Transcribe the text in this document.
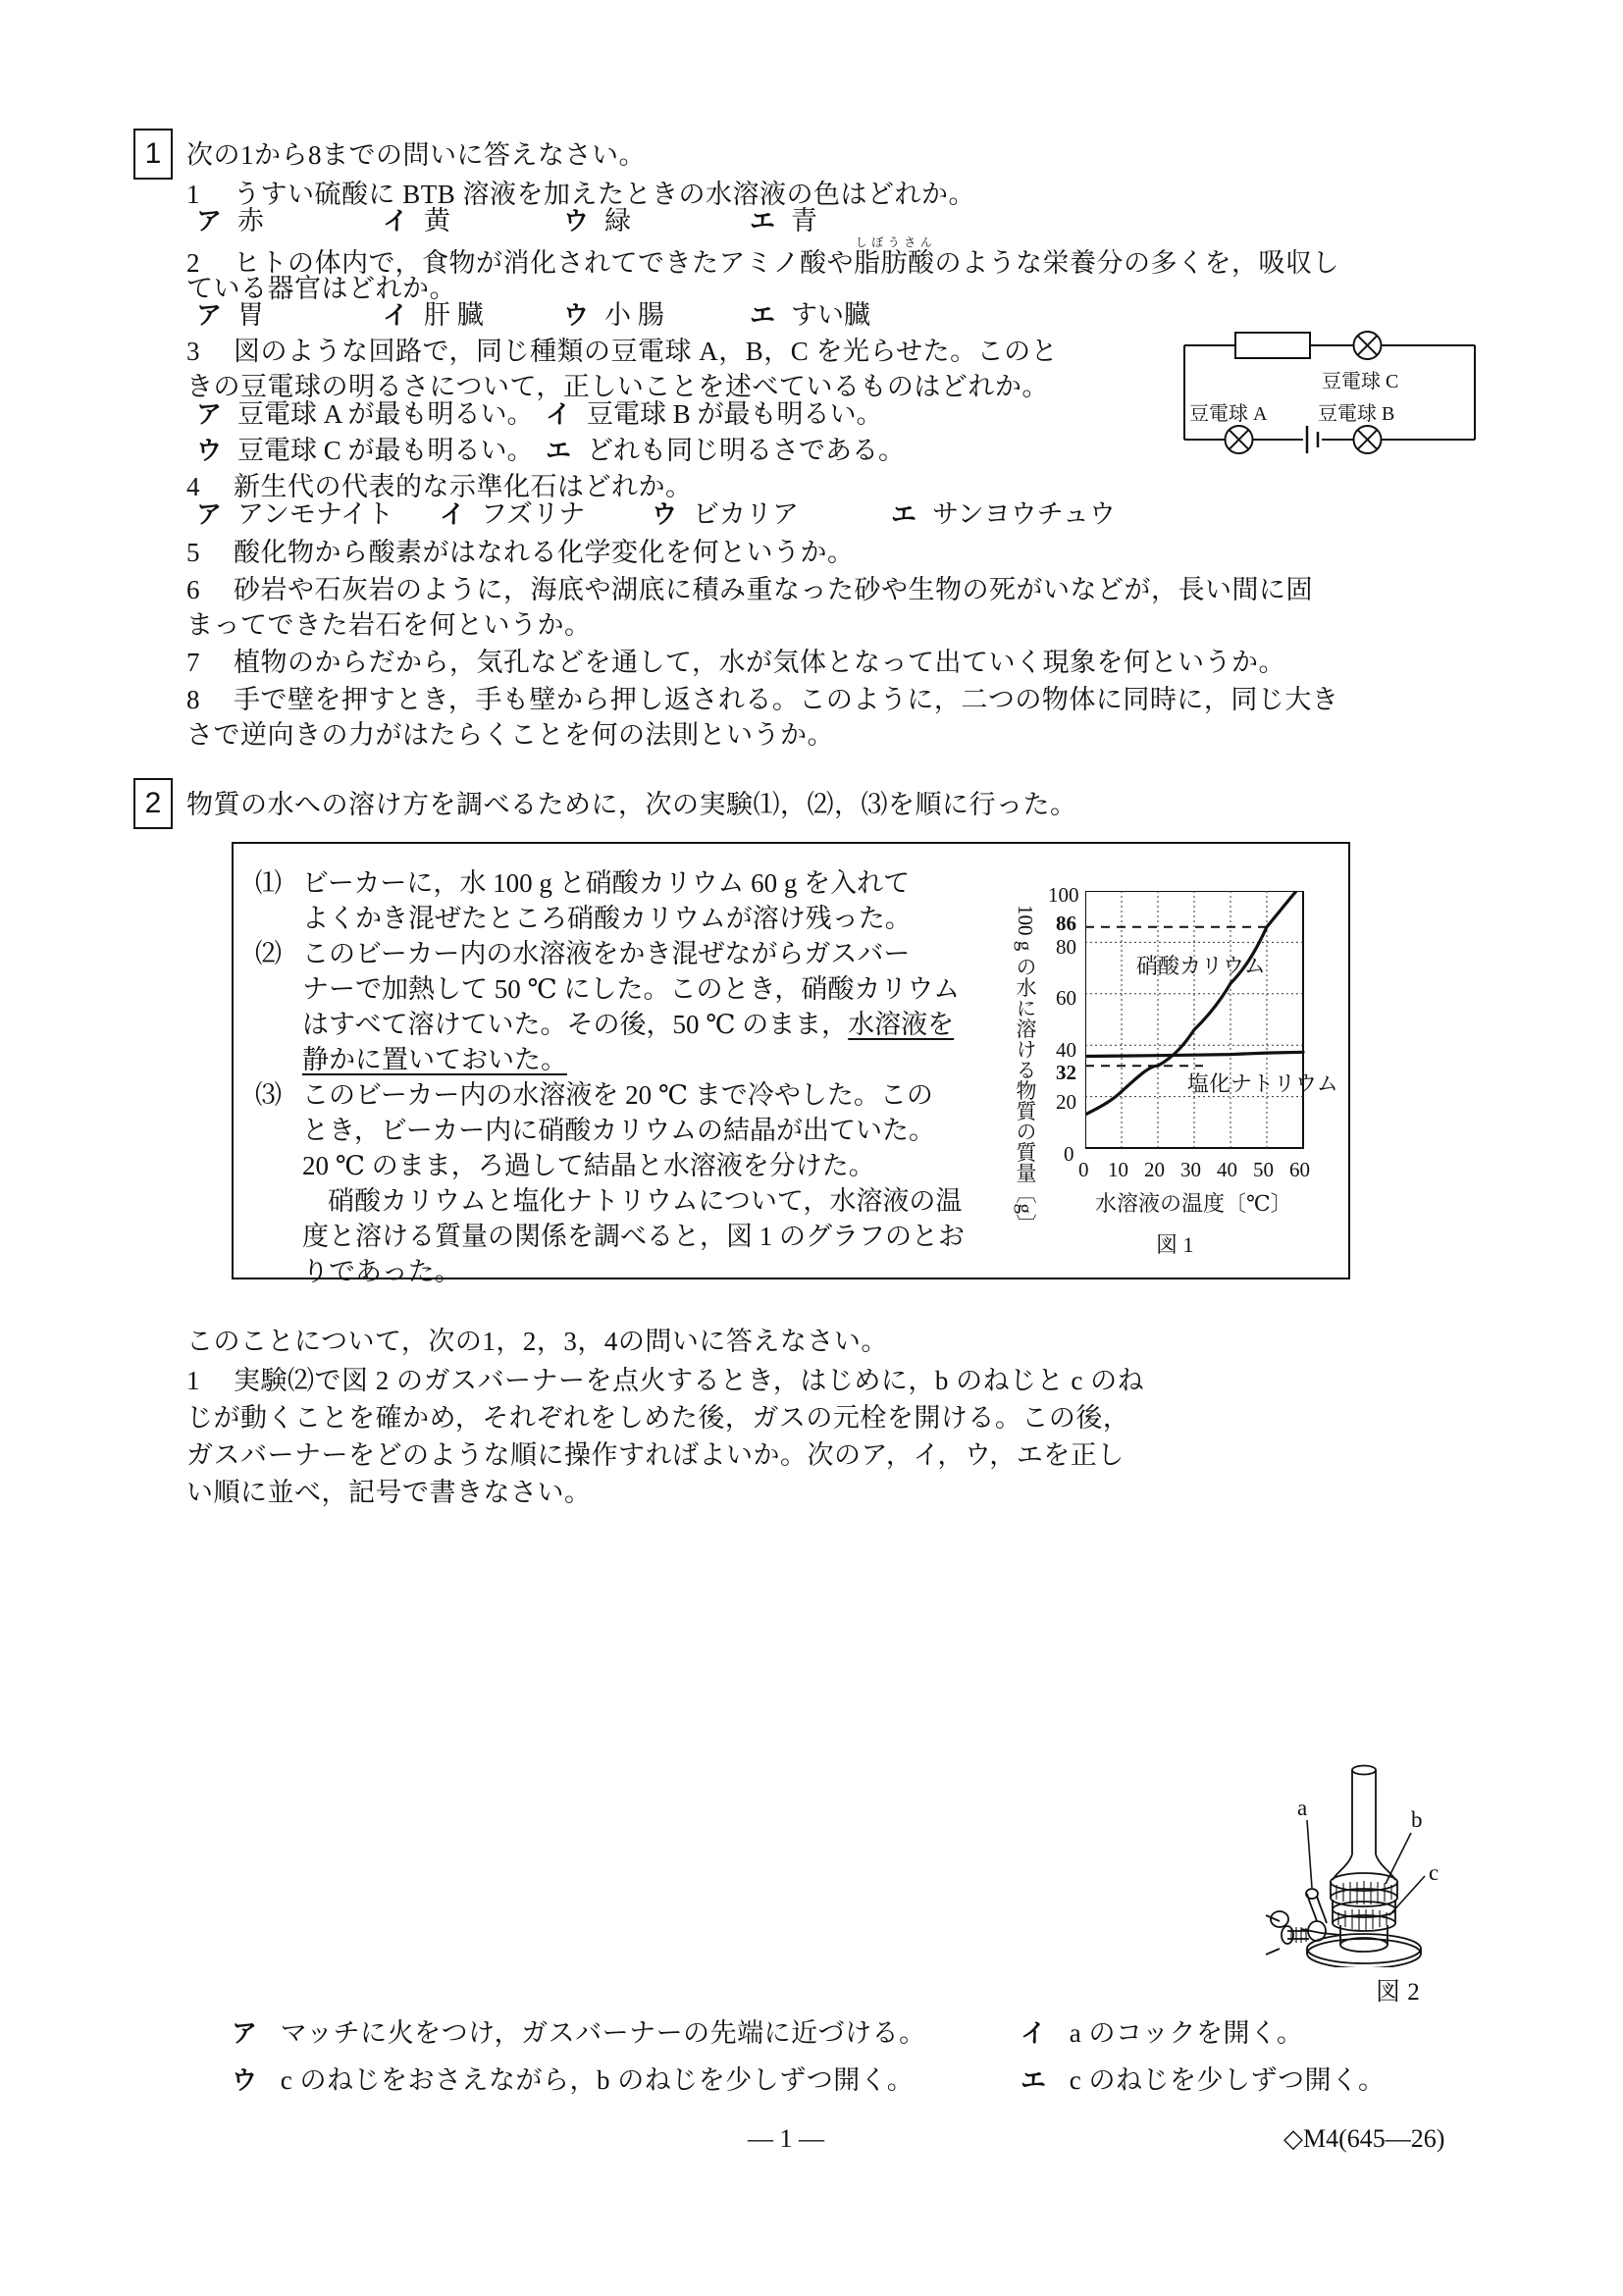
1 次の1から8までの問いに答えなさい。
1 うすい硫酸に BTB 溶液を加えたときの水溶液の色はどれか。
ア 赤	イ 黄	ウ 緑	エ 青
2 ヒトの体内で，食物が消化されてできたアミノ酸や脂肪酸しぼうさんのような栄養分の多くを，吸収し
ている器官はどれか。
ア 胃	イ 肝 臓	ウ 小 腸	エ すい臓
3 図のような回路で，同じ種類の豆電球 A，B，C を光らせた。このと
きの豆電球の明るさについて，正しいことを述べているものはどれか。
ア 豆電球 A が最も明るい。 イ 豆電球 B が最も明るい。
ウ 豆電球 C が最も明るい。 エ どれも同じ明るさである。
豆電球 C
豆電球 A	豆電球 B
4 新生代の代表的な示準化石はどれか。
ア アンモナイト イ フズリナ	ウ ビカリア	エ サンヨウチュウ
5 酸化物から酸素がはなれる化学変化を何というか。
6 砂岩や石灰岩のように，海底や湖底に積み重なった砂や生物の死がいなどが，長い間に固
まってできた岩石を何というか。
7 植物のからだから，気孔などを通して，水が気体となって出ていく現象を何というか。
8 手で壁を押すとき，手も壁から押し返される。このように，二つの物体に同時に，同じ大き
さで逆向きの力がはたらくことを何の法則というか。
2 物質の水への溶け方を調べるために，次の実験⑴，⑵，⑶を順に行った。
⑴ ビーカーに，水 100 g と硝酸カリウム 60 g を入れて
よくかき混ぜたところ硝酸カリウムが溶け残った。
⑵ このビーカー内の水溶液をかき混ぜながらガスバー
ナーで加熱して 50 ℃ にした。このとき，硝酸カリウム
はすべて溶けていた。その後，50 ℃ のまま，水溶液を
静かに置いておいた。
⑶ このビーカー内の水溶液を 20 ℃ まで冷やした。この
とき，ビーカー内に硝酸カリウムの結晶が出ていた。
20 ℃ のまま，ろ過して結晶と水溶液を分けた。
硝酸カリウムと塩化ナトリウムについて，水溶液の温
度と溶ける質量の関係を調べると，図 1 のグラフのとお
りであった。
100 g の水に溶ける物質の質量〔g〕
100
86
80
60
40
32
20
0
硝酸カリウム
塩化ナトリウム
0 10 20 30 40 50 60
水溶液の温度〔℃〕
図 1
このことについて，次の1，2，3，4の問いに答えなさい。
1 実験⑵で図 2 のガスバーナーを点火するとき，はじめに，b のねじと c のね
じが動くことを確かめ，それぞれをしめた後，ガスの元栓を開ける。この後，
ガスバーナーをどのような順に操作すればよいか。次のア，イ，ウ，エを正し
い順に並べ，記号で書きなさい。
a	b
c
図 2
ア マッチに火をつけ，ガスバーナーの先端に近づける。	イ a のコックを開く。
ウ c のねじをおさえながら，b のねじを少しずつ開く。	エ c のねじを少しずつ開く。
— 1 —	◇M4(645—26)
